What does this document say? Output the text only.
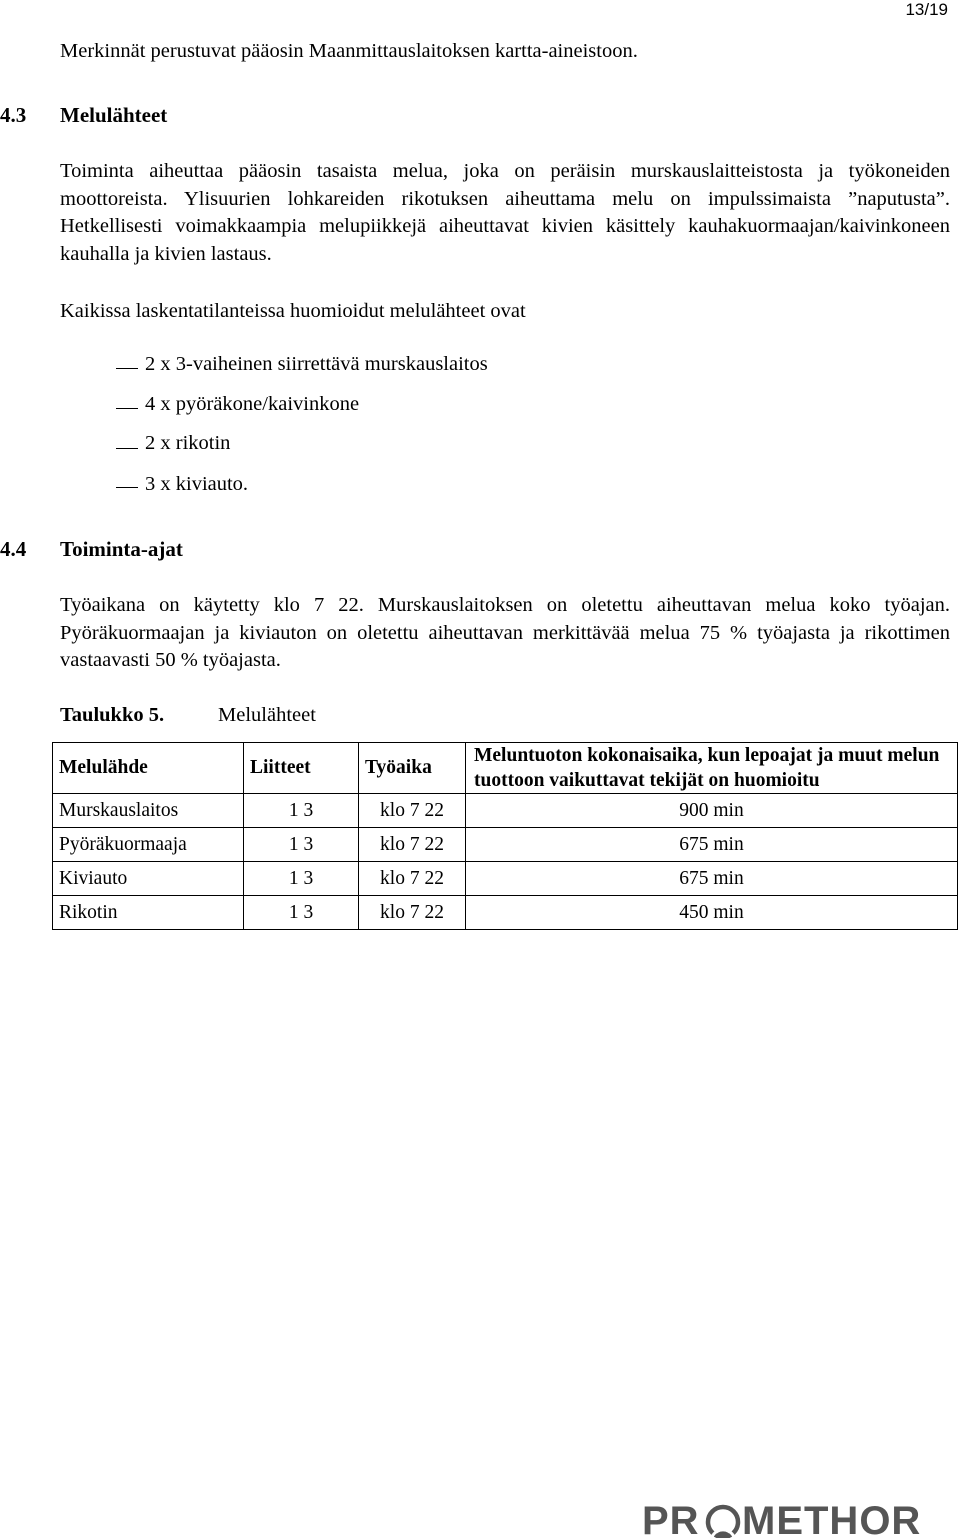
13/19
Merkinnät perustuvat pääosin Maanmittauslaitoksen kartta-aineistoon.
4.3 Melulähteet
Toiminta aiheuttaa pääosin tasaista melua, joka on peräisin murskauslaitteistosta ja työkoneiden moottoreista. Ylisuurien lohkareiden rikotuksen aiheuttama melu on impulssimaista ”naputusta”. Hetkellisesti voimakkaampia melupiikkejä aiheuttavat kivien käsittely kauhakuormaajan/kaivinkoneen kauhalla ja kivien lastaus.
Kaikissa laskentatilanteissa huomioidut melulähteet ovat
2 x 3-vaiheinen siirrettävä murskauslaitos
4 x pyöräkone/kaivinkone
2 x rikotin
3 x kiviauto.
4.4 Toiminta-ajat
Työaikana on käytetty klo 7 22. Murskauslaitoksen on oletettu aiheuttavan melua koko työajan. Pyöräkuormaajan ja kiviauton on oletettu aiheuttavan merkittävää melua 75 % työajasta ja rikottimen vastaavasti 50 % työajasta.
Taulukko 5.	Melulähteet
Melulähde	Liitteet	Työaika	Meluntuoton kokonaisaika, kun lepoajat ja muut melun tuottoon vaikuttavat tekijät on huomioitu
Murskauslaitos	1 3	klo 7 22	900 min
Pyöräkuormaaja	1 3	klo 7 22	675 min
Kiviauto	1 3	klo 7 22	675 min
Rikotin	1 3	klo 7 22	450 min
PR METHOR
